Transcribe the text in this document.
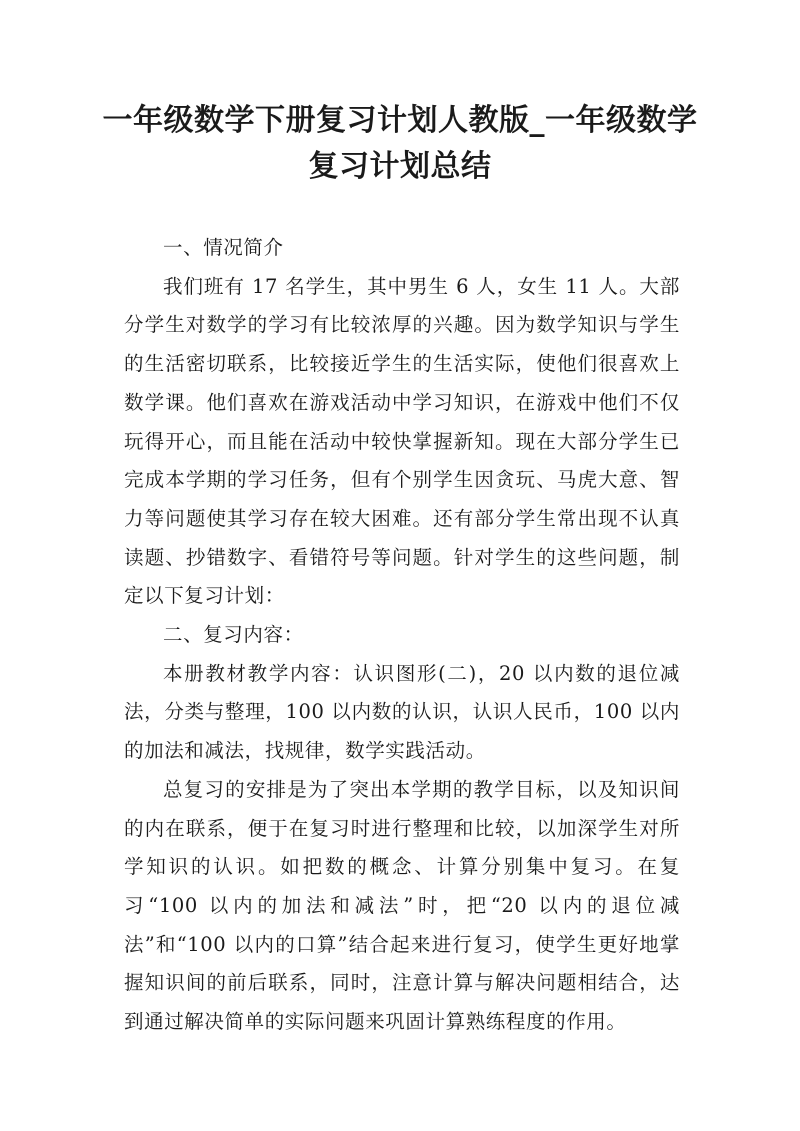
一年级数学下册复习计划人教版_一年级数学复习计划总结

一、情况简介

我们班有 17 名学生，其中男生 6 人，女生 11 人。大部分学生对数学的学习有比较浓厚的兴趣。因为数学知识与学生的生活密切联系，比较接近学生的生活实际，使他们很喜欢上数学课。他们喜欢在游戏活动中学习知识，在游戏中他们不仅玩得开心，而且能在活动中较快掌握新知。现在大部分学生已完成本学期的学习任务，但有个别学生因贪玩、马虎大意、智力等问题使其学习存在较大困难。还有部分学生常出现不认真读题、抄错数字、看错符号等问题。针对学生的这些问题，制定以下复习计划：

二、复习内容：

本册教材教学内容：认识图形(二)，20 以内数的退位减法，分类与整理，100 以内数的认识，认识人民币，100 以内的加法和减法，找规律，数学实践活动。

总复习的安排是为了突出本学期的教学目标，以及知识间的内在联系，便于在复习时进行整理和比较，以加深学生对所学知识的认识。如把数的概念、计算分别集中复习。在复习“100 以内的加法和减法”时，把“20 以内的退位减法”和“100 以内的口算”结合起来进行复习，使学生更好地掌握知识间的前后联系，同时，注意计算与解决问题相结合，达到通过解决简单的实际问题来巩固计算熟练程度的作用。
